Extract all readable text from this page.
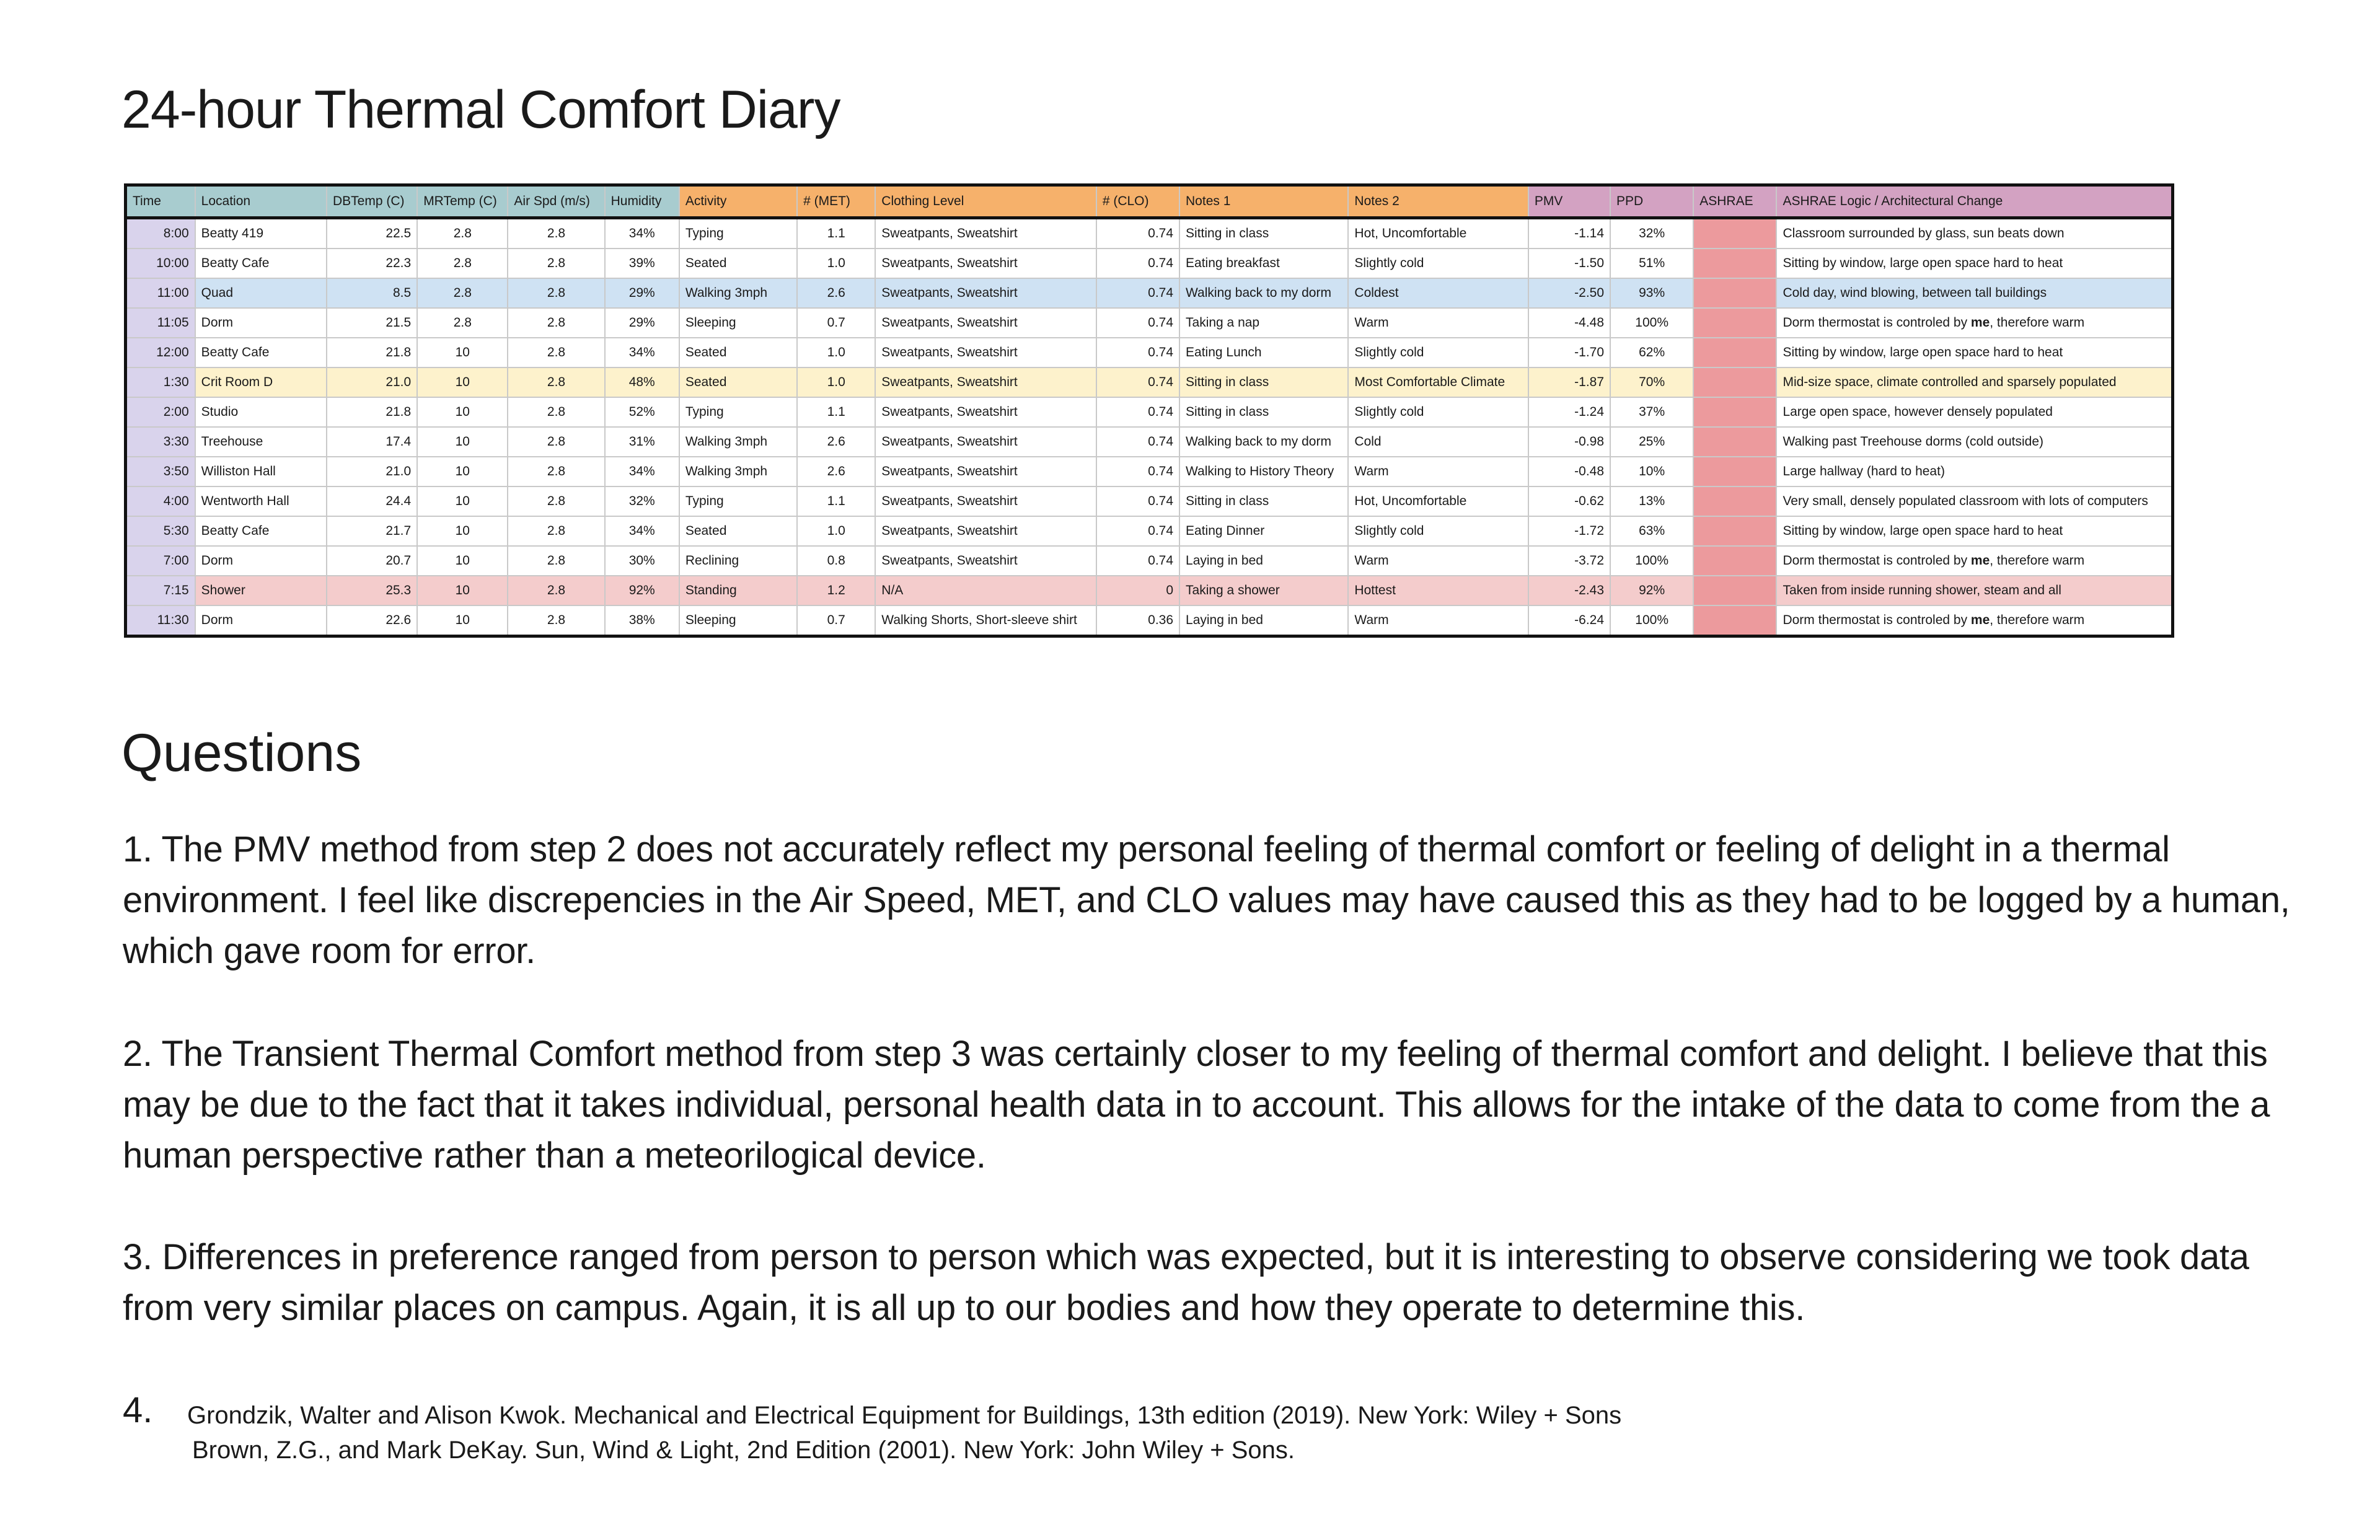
24-hour Thermal Comfort Diary
Time	Location	DBTemp (C)	MRTemp (C)	Air Spd (m/s)	Humidity	Activity	# (MET)	Clothing Level	# (CLO)	Notes 1	Notes 2	PMV	PPD	ASHRAE	ASHRAE Logic / Architectural Change
8:00	Beatty 419	22.5	2.8	2.8	34%	Typing	1.1	Sweatpants, Sweatshirt	0.74	Sitting in class	Hot, Uncomfortable	-1.14	32%		Classroom surrounded by glass, sun beats down
10:00	Beatty Cafe	22.3	2.8	2.8	39%	Seated	1.0	Sweatpants, Sweatshirt	0.74	Eating breakfast	Slightly cold	-1.50	51%		Sitting by window, large open space hard to heat
11:00	Quad	8.5	2.8	2.8	29%	Walking 3mph	2.6	Sweatpants, Sweatshirt	0.74	Walking back to my dorm	Coldest	-2.50	93%		Cold day, wind blowing, between tall buildings
11:05	Dorm	21.5	2.8	2.8	29%	Sleeping	0.7	Sweatpants, Sweatshirt	0.74	Taking a nap	Warm	-4.48	100%		Dorm thermostat is controled by me, therefore warm
12:00	Beatty Cafe	21.8	10	2.8	34%	Seated	1.0	Sweatpants, Sweatshirt	0.74	Eating Lunch	Slightly cold	-1.70	62%		Sitting by window, large open space hard to heat
1:30	Crit Room D	21.0	10	2.8	48%	Seated	1.0	Sweatpants, Sweatshirt	0.74	Sitting in class	Most Comfortable Climate	-1.87	70%		Mid-size space, climate controlled and sparsely populated
2:00	Studio	21.8	10	2.8	52%	Typing	1.1	Sweatpants, Sweatshirt	0.74	Sitting in class	Slightly cold	-1.24	37%		Large open space, however densely populated
3:30	Treehouse	17.4	10	2.8	31%	Walking 3mph	2.6	Sweatpants, Sweatshirt	0.74	Walking back to my dorm	Cold	-0.98	25%		Walking past Treehouse dorms (cold outside)
3:50	Williston Hall	21.0	10	2.8	34%	Walking 3mph	2.6	Sweatpants, Sweatshirt	0.74	Walking to History Theory	Warm	-0.48	10%		Large hallway (hard to heat)
4:00	Wentworth Hall	24.4	10	2.8	32%	Typing	1.1	Sweatpants, Sweatshirt	0.74	Sitting in class	Hot, Uncomfortable	-0.62	13%		Very small, densely populated classroom with lots of computers
5:30	Beatty Cafe	21.7	10	2.8	34%	Seated	1.0	Sweatpants, Sweatshirt	0.74	Eating Dinner	Slightly cold	-1.72	63%		Sitting by window, large open space hard to heat
7:00	Dorm	20.7	10	2.8	30%	Reclining	0.8	Sweatpants, Sweatshirt	0.74	Laying in bed	Warm	-3.72	100%		Dorm thermostat is controled by me, therefore warm
7:15	Shower	25.3	10	2.8	92%	Standing	1.2	N/A	0	Taking a shower	Hottest	-2.43	92%		Taken from inside running shower, steam and all
11:30	Dorm	22.6	10	2.8	38%	Sleeping	0.7	Walking Shorts, Short-sleeve shirt	0.36	Laying in bed	Warm	-6.24	100%		Dorm thermostat is controled by me, therefore warm
Questions

1. The PMV method from step 2 does not accurately reflect my personal feeling of thermal comfort or feeling of delight in a thermal environment. I feel like discrepencies in the Air Speed, MET, and CLO values may have caused this as they had to be logged by a human, which gave room for error.

2. The Transient Thermal Comfort method from step 3 was certainly closer to my feeling of thermal comfort and delight. I believe that this may be due to the fact that it takes individual, personal health data in to account. This allows for the intake of the data to come from the a human perspective rather than a meteorilogical device.

3. Differences in preference ranged from person to person which was expected, but it is interesting to observe considering we took data from very similar places on campus. Again, it is all up to our bodies and how they operate to determine this.

4. Grondzik, Walter and Alison Kwok. Mechanical and Electrical Equipment for Buildings, 13th edition (2019). New York: Wiley + Sons
Brown, Z.G., and Mark DeKay. Sun, Wind & Light, 2nd Edition (2001). New York: John Wiley + Sons.
